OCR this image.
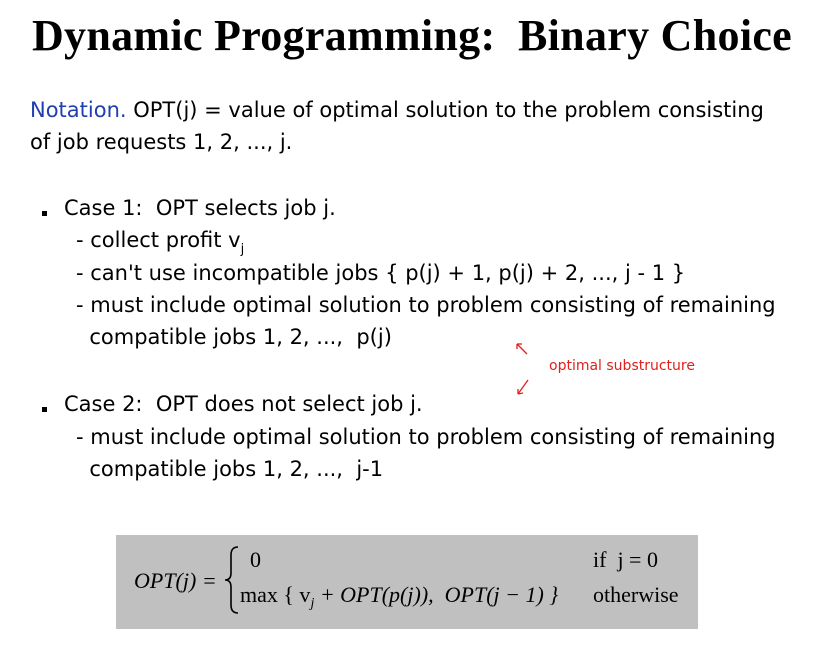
Dynamic Programming:  Binary Choice
Notation. OPT(j) = value of optimal solution to the problem consisting
of job requests 1, 2, ..., j.
Case 1:  OPT selects job j.
- collect profit $v_j$
- can't use incompatible jobs { p(j) + 1, p(j) + 2, ..., j - 1 }
- must include optimal solution to problem consisting of remaining
compatible jobs 1, 2, ...,  p(j)
optimal substructure
Case 2:  OPT does not select job j.
- must include optimal solution to problem consisting of remaining
compatible jobs 1, 2, ...,  j-1
OPT(j) =
0	if  j = 0
max { $v_j + OPT(p(j))$,  OPT(j − 1) } otherwise
